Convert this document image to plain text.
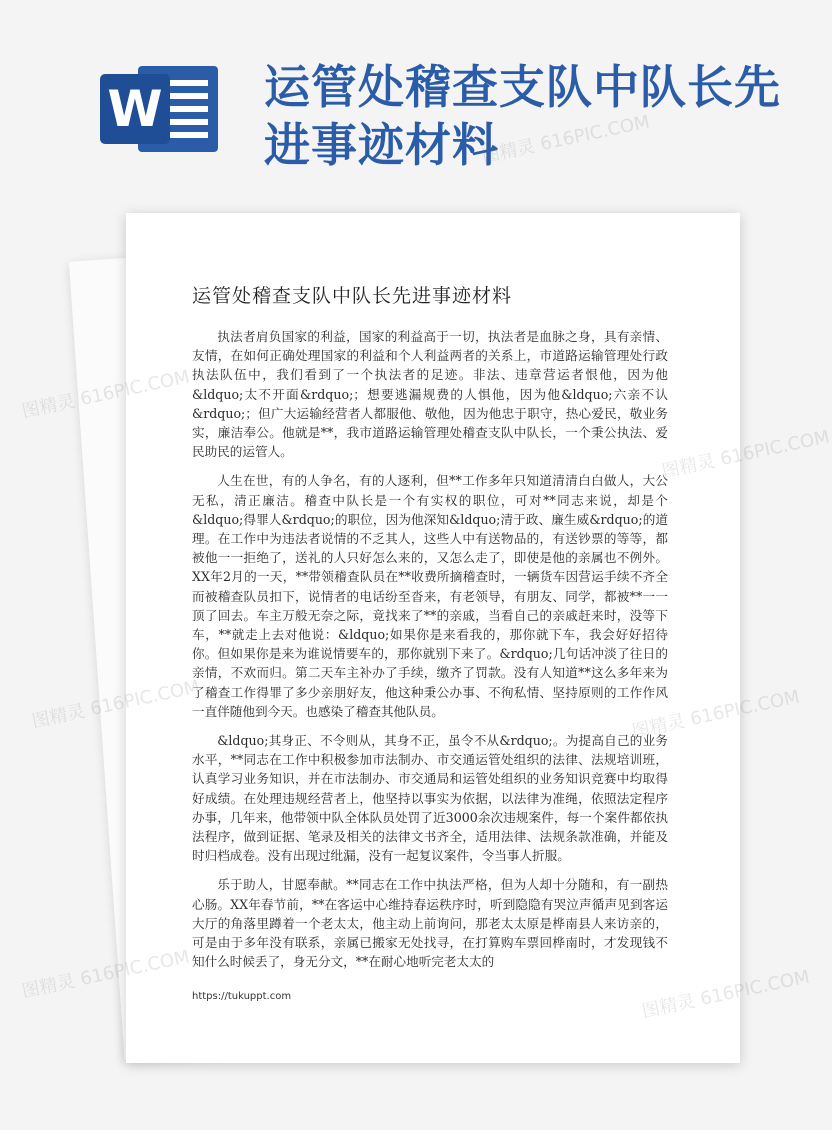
W 运管处稽查支队中队长先进事迹材料
运管处稽查支队中队长先进事迹材料

执法者肩负国家的利益，国家的利益高于一切，执法者是血脉之身，具有亲情、友情，在如何正确处理国家的利益和个人利益两者的关系上，市道路运输管理处行政执法队伍中，我们看到了一个执法者的足迹。非法、违章营运者恨他，因为他&ldquo;太不开面&rdquo;；想要逃漏规费的人惧他，因为他&ldquo;六亲不认&rdquo;；但广大运输经营者人都服他、敬他，因为他忠于职守，热心爱民，敬业务实，廉洁奉公。他就是**，我市道路运输管理处稽查支队中队长，一个秉公执法、爱民助民的运管人。

人生在世，有的人争名，有的人逐利，但**工作多年只知道清清白白做人，大公无私，清正廉洁。稽查中队长是一个有实权的职位，可对**同志来说，却是个&ldquo;得罪人&rdquo;的职位，因为他深知&ldquo;清于政、廉生威&rdquo;的道理。在工作中为违法者说情的不乏其人，这些人中有送物品的，有送钞票的等等，都被他一一拒绝了，送礼的人只好怎么来的，又怎么走了，即使是他的亲属也不例外。XX年2月的一天，**带领稽查队员在**收费所摘稽查时，一辆货车因营运手续不齐全而被稽查队员扣下，说情者的电话纷至沓来，有老领导，有朋友、同学，都被**一一顶了回去。车主万般无奈之际，竟找来了**的亲戚，当看自己的亲戚赶来时，没等下车，**就走上去对他说：&ldquo;如果你是来看我的，那你就下车，我会好好招待你。但如果你是来为谁说情要车的，那你就别下来了。&rdquo;几句话冲淡了往日的亲情，不欢而归。第二天车主补办了手续，缴齐了罚款。没有人知道**这么多年来为了稽查工作得罪了多少亲朋好友，他这种秉公办事、不徇私情、坚持原则的工作作风一直伴随他到今天。也感染了稽查其他队员。

&ldquo;其身正、不令则从，其身不正，虽令不从&rdquo;。为提高自己的业务水平，**同志在工作中积极参加市法制办、市交通运管处组织的法律、法规培训班，认真学习业务知识，并在市法制办、市交通局和运管处组织的业务知识竞赛中均取得好成绩。在处理违规经营者上，他坚持以事实为依据，以法律为准绳，依照法定程序办事，几年来，他带领中队全体队员处罚了近3000余次违规案件，每一个案件都依执法程序，做到证据、笔录及相关的法律文书齐全，适用法律、法规条款准确，并能及时归档成卷。没有出现过纰漏，没有一起复议案件，令当事人折服。

乐于助人，甘愿奉献。**同志在工作中执法严格，但为人却十分随和，有一副热心肠。XX年春节前，**在客运中心维持春运秩序时，听到隐隐有哭泣声循声见到客运大厅的角落里蹲着一个老太太，他主动上前询问，那老太太原是桦南县人来访亲的，可是由于多年没有联系，亲属已搬家无处找寻，在打算购车票回桦南时，才发现钱不知什么时候丢了，身无分文，**在耐心地听完老太太的

https://tukuppt.com
图精灵 616PIC.COM
图精灵
图精灵 616PIC.COM
图精灵	616PIC.COM
图精灵 616PIC.COM	616PIC.COM
